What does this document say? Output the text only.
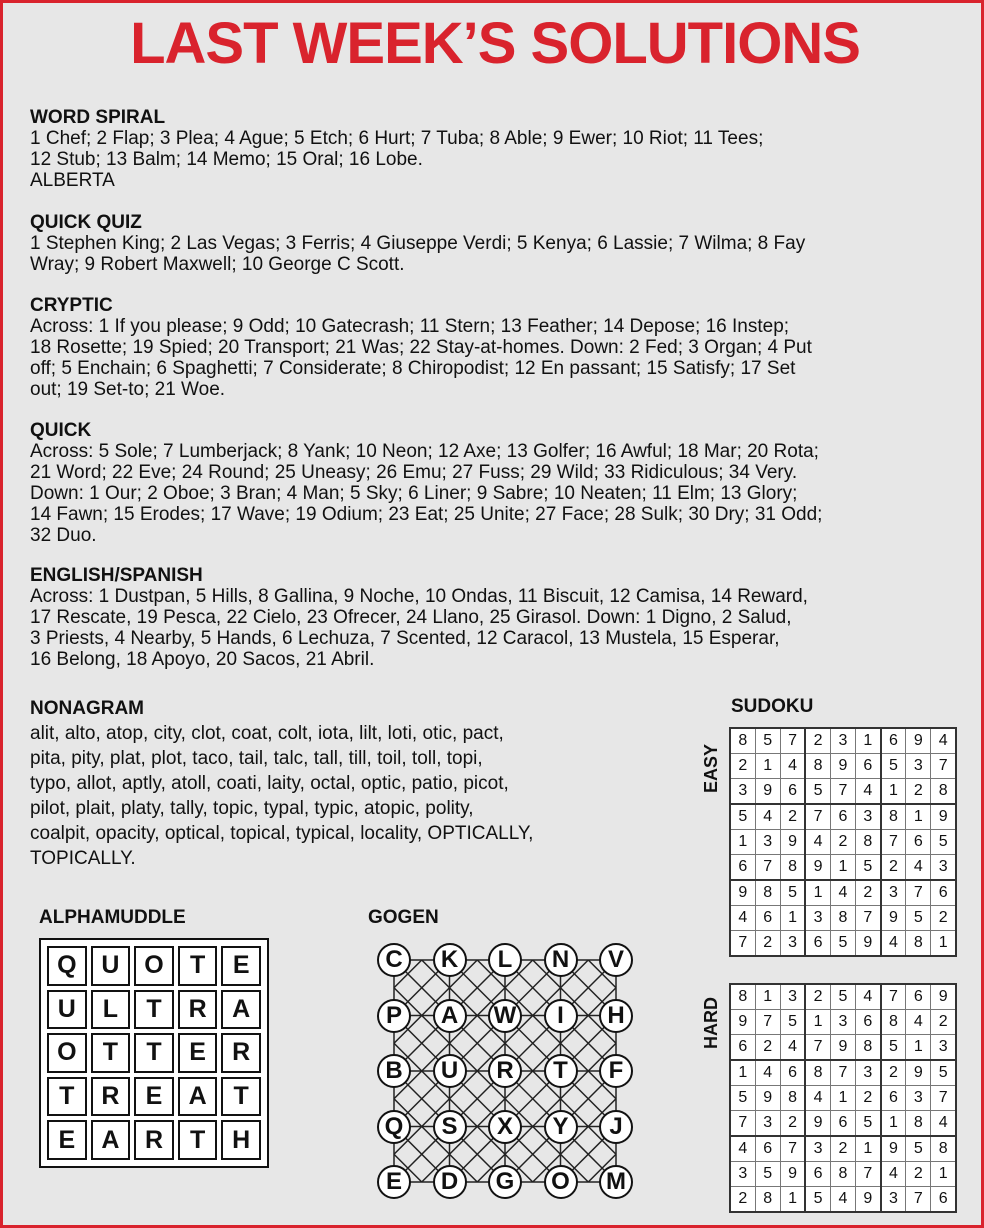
LAST WEEK’S SOLUTIONS
WORD SPIRAL
1 Chef; 2 Flap; 3 Plea; 4 Ague; 5 Etch; 6 Hurt; 7 Tuba; 8 Able; 9 Ewer; 10 Riot; 11 Tees;
12 Stub; 13 Balm; 14 Memo; 15 Oral; 16 Lobe.
ALBERTA
QUICK QUIZ
1 Stephen King; 2 Las Vegas; 3 Ferris; 4 Giuseppe Verdi; 5 Kenya; 6 Lassie; 7 Wilma; 8 Fay
Wray; 9 Robert Maxwell; 10 George C Scott.
CRYPTIC
Across: 1 If you please; 9 Odd; 10 Gatecrash; 11 Stern; 13 Feather; 14 Depose; 16 Instep;
18 Rosette; 19 Spied; 20 Transport; 21 Was; 22 Stay-at-homes. Down: 2 Fed; 3 Organ; 4 Put
off; 5 Enchain; 6 Spaghetti; 7 Considerate; 8 Chiropodist; 12 En passant; 15 Satisfy; 17 Set
out; 19 Set-to; 21 Woe.
QUICK
Across: 5 Sole; 7 Lumberjack; 8 Yank; 10 Neon; 12 Axe; 13 Golfer; 16 Awful; 18 Mar; 20 Rota;
21 Word; 22 Eve; 24 Round; 25 Uneasy; 26 Emu; 27 Fuss; 29 Wild; 33 Ridiculous; 34 Very.
Down: 1 Our; 2 Oboe; 3 Bran; 4 Man; 5 Sky; 6 Liner; 9 Sabre; 10 Neaten; 11 Elm; 13 Glory;
14 Fawn; 15 Erodes; 17 Wave; 19 Odium; 23 Eat; 25 Unite; 27 Face; 28 Sulk; 30 Dry; 31 Odd;
32 Duo.
ENGLISH/SPANISH
Across: 1 Dustpan, 5 Hills, 8 Gallina, 9 Noche, 10 Ondas, 11 Biscuit, 12 Camisa, 14 Reward,
17 Rescate, 19 Pesca, 22 Cielo, 23 Ofrecer, 24 Llano, 25 Girasol. Down: 1 Digno, 2 Salud,
3 Priests, 4 Nearby, 5 Hands, 6 Lechuza, 7 Scented, 12 Caracol, 13 Mustela, 15 Esperar,
16 Belong, 18 Apoyo, 20 Sacos, 21 Abril.
NONAGRAM
alit, alto, atop, city, clot, coat, colt, iota, lilt, loti, otic, pact,
pita, pity, plat, plot, taco, tail, talc, tall, till, toil, toll, topi,
typo, allot, aptly, atoll, coati, laity, octal, optic, patio, picot,
pilot, plait, platy, tally, topic, typal, typic, atopic, polity,
coalpit, opacity, optical, topical, typical, locality, OPTICALLY,
TOPICALLY.
ALPHAMUDDLE
Q U O	T	E
U	L	T	R	A
O	T	T	E	R
T	R	E	A	T
E	A	R	T	H
GOGEN
C	K	L	N	V
P	A	W	I	H
B	U	R	T	F
Q	S	X	Y	J
E	D	G	O	M
SUDOKU
EASY
8	5	7	2	3	1	6	9	4
2	1	4	8	9	6	5	3	7
3	9	6	5	7	4	1	2	8
5	4	2	7	6	3	8	1	9
1	3	9	4	2	8	7	6	5
6	7	8	9	1	5	2	4	3
9	8	5	1	4	2	3	7	6
4	6	1	3	8	7	9	5	2
7	2	3	6	5	9	4	8	1
HARD
8	1	3	2	5	4	7	6	9
9	7	5	1	3	6	8	4	2
6	2	4	7	9	8	5	1	3
1	4	6	8	7	3	2	9	5
5	9	8	4	1	2	6	3	7
7	3	2	9	6	5	1	8	4
4	6	7	3	2	1	9	5	8
3	5	9	6	8	7	4	2	1
2	8	1	5	4	9	3	7	6
